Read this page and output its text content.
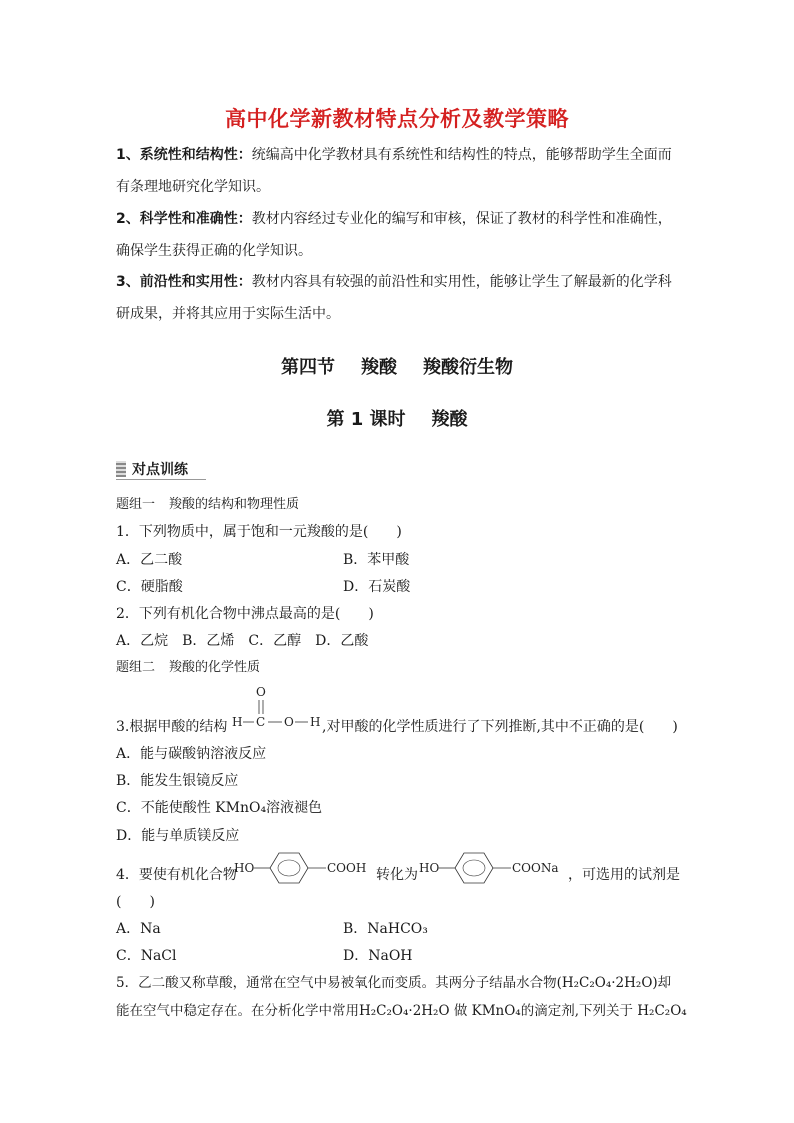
高中化学新教材特点分析及教学策略
1、系统性和结构性：统编高中化学教材具有系统性和结构性的特点，能够帮助学生全面而
有条理地研究化学知识。
2、科学性和准确性：教材内容经过专业化的编写和审核，保证了教材的科学性和准确性，
确保学生获得正确的化学知识。
3、前沿性和实用性：教材内容具有较强的前沿性和实用性，能够让学生了解最新的化学科
研成果，并将其应用于实际生活中。
第四节 羧酸 羧酸衍生物
第 1 课时 羧酸
对点训练
题组一 羧酸的结构和物理性质
1．下列物质中，属于饱和一元羧酸的是(　　)
A．乙二酸	B．苯甲酸
C．硬脂酸	D．石炭酸
2．下列有机化合物中沸点最高的是(　　)
A．乙烷　B．乙烯　C．乙醇　D．乙酸
题组二 羧酸的化学性质
3.根据甲酸的结构 H C
O
O H ,对甲酸的化学性质进行了下列推断,其中不正确的是(　　)
A．能与碳酸钠溶液反应
B．能发生银镜反应
C．不能使酸性 KMnO₄溶液褪色
D．能与单质镁反应
4．要使有机化合物
HO	COOH 转化为 HO	COONa ，可选用的试剂是
(　　)
A．Na	B．NaHCO₃
C．NaCl	D．NaOH
5．乙二酸又称草酸，通常在空气中易被氧化而变质。其两分子结晶水合物(H₂C₂O₄·2H₂O)却
能在空气中稳定存在。在分析化学中常用H₂C₂O₄·2H₂O 做 KMnO₄的滴定剂,下列关于 H₂C₂O₄
